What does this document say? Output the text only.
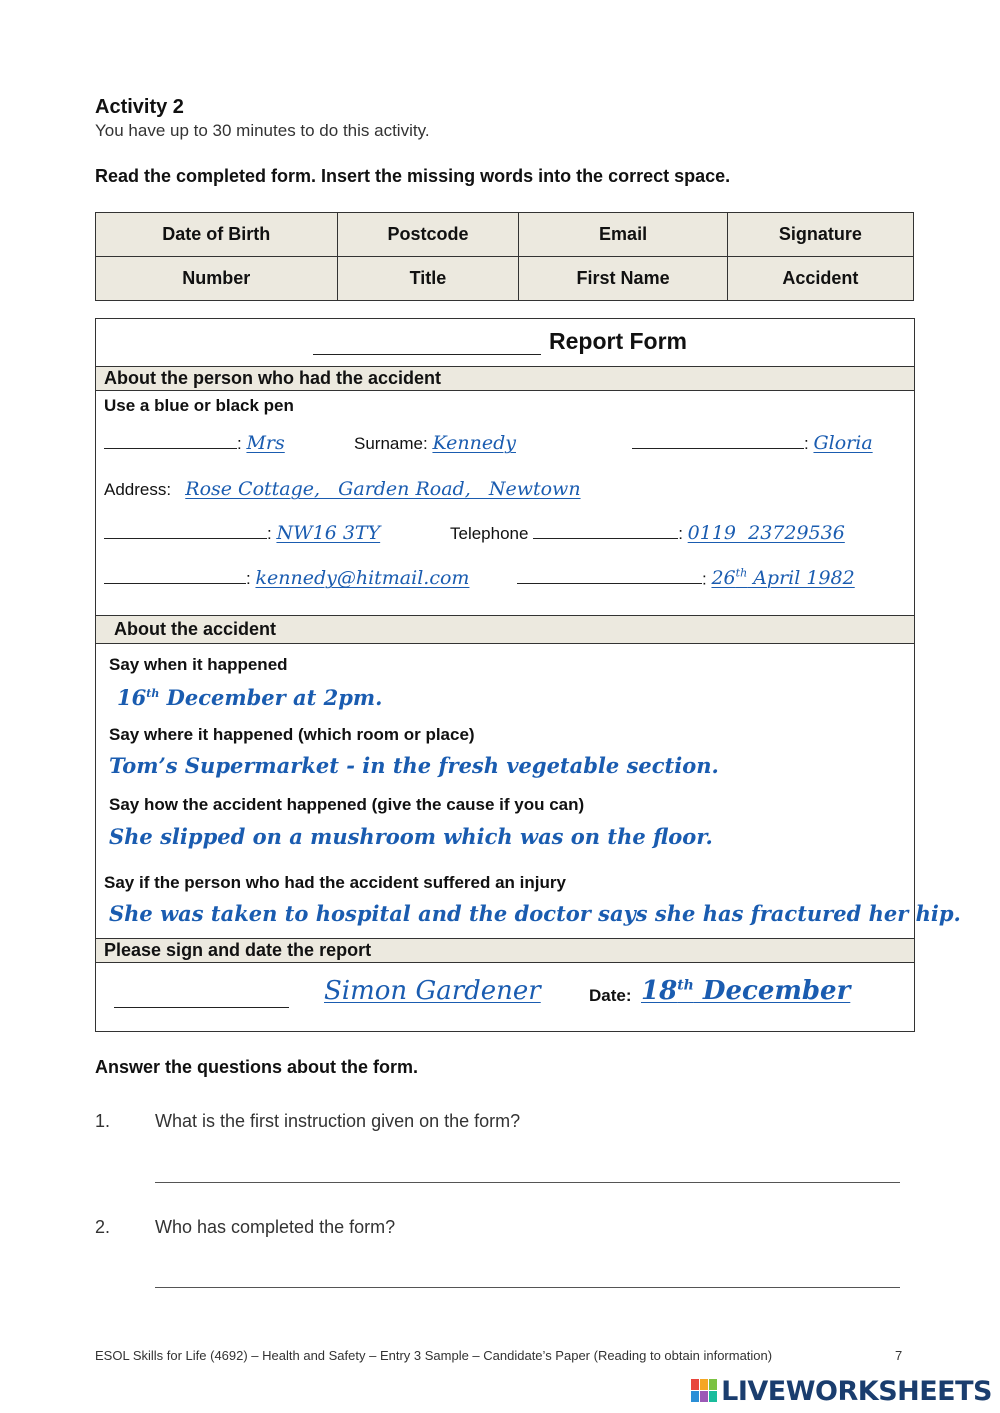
Activity 2
You have up to 30 minutes to do this activity.
Read the completed form. Insert the missing words into the correct space.
Date of Birth	Postcode	Email	Signature
Number	Title	First Name	Accident
Report Form
About the person who had the accident
Use a blue or black pen
: Mrs	Surname: Kennedy	: Gloria
Address: Rose Cottage,   Garden Road,   Newtown
: NW16 3TY	Telephone	: 0119  23729536
: kennedy@hitmail.com	: 26th April 1982
About the accident
Say when it happened
16th December at 2pm.
Say where it happened (which room or place)
Tom’s Supermarket - in the fresh vegetable section.
Say how the accident happened (give the cause if you can)
She slipped on a mushroom which was on the floor.
Say if the person who had the accident suffered an injury
She was taken to hospital and the doctor says she has fractured her hip.
Please sign and date the report
Simon Gardener	Date: 18th December
Answer the questions about the form.
1. What is the first instruction given on the form?
2. Who has completed the form?
ESOL Skills for Life (4692) – Health and Safety – Entry 3 Sample – Candidate’s Paper (Reading to obtain information)	7
LIVEWORKSHEETS
